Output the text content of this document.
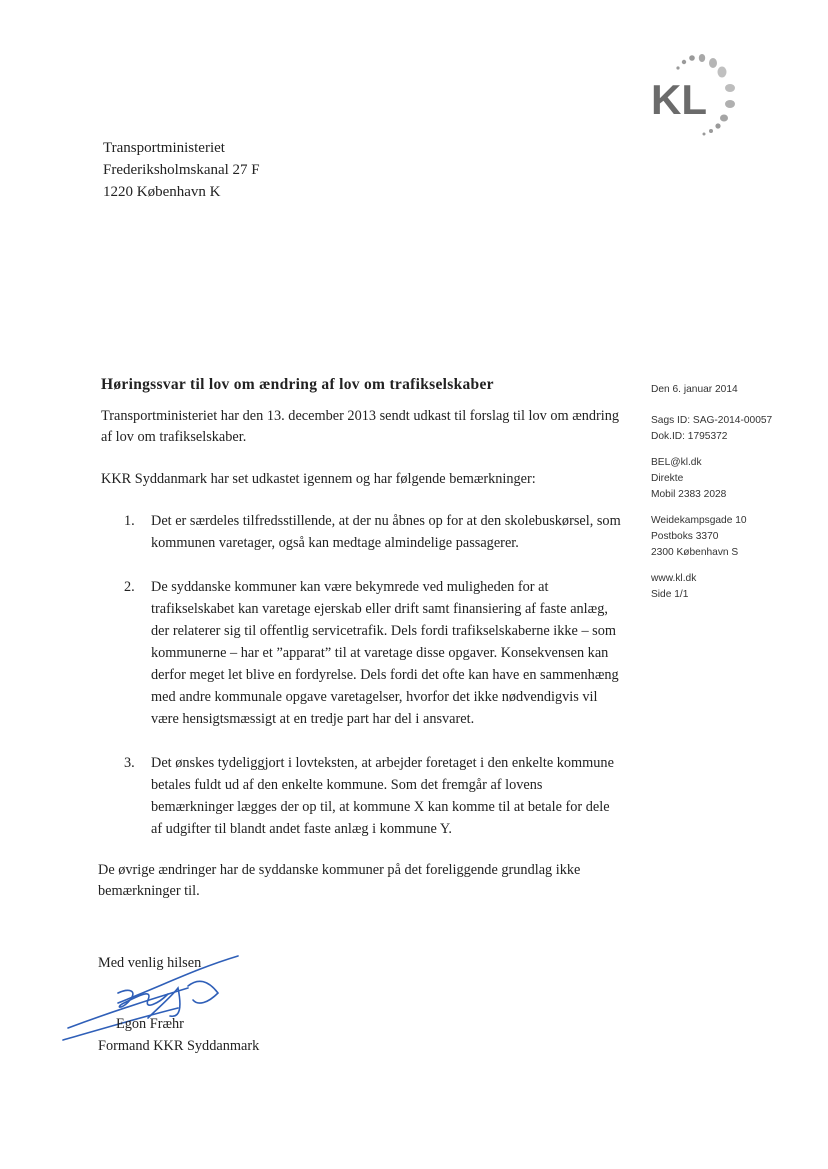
KL
Transportministeriet
Frederiksholmskanal 27 F
1220 København K
Den 6. januar 2014
Sags ID: SAG-2014-00057
Dok.ID: 1795372
BEL@kl.dk
Direkte
Mobil 2383 2028
Weidekampsgade 10
Postboks 3370
2300 København S
www.kl.dk
Side 1/1
Høringssvar til lov om ændring af lov om trafikselskaber

Transportministeriet har den 13. december 2013 sendt udkast til forslag til lov om ændring af lov om trafikselskaber.

KKR Syddanmark har set udkastet igennem og har følgende bemærkninger:

1.	Det er særdeles tilfredsstillende, at der nu åbnes op for at den skolebuskørsel, som kommunen varetager, også kan medtage almindelige passagerer.
2.	De syddanske kommuner kan være bekymrede ved muligheden for at trafikselskabet kan varetage ejerskab eller drift samt finansiering af faste anlæg, der relaterer sig til offentlig servicetrafik. Dels fordi trafikselskaberne ikke – som kommunerne – har et ”apparat” til at varetage disse opgaver. Konsekvensen kan derfor meget let blive en fordyrelse. Dels fordi det ofte kan have en sammenhæng med andre kommunale opgave varetagelser, hvorfor det ikke nødvendigvis vil være hensigtsmæssigt at en tredje part har del i ansvaret.
3.	Det ønskes tydeliggjort i lovteksten, at arbejder foretaget i den enkelte kommune betales fuldt ud af den enkelte kommune. Som det fremgår af lovens bemærkninger lægges der op til, at kommune X kan komme til at betale for dele af udgifter til blandt andet faste anlæg i kommune Y.

De øvrige ændringer har de syddanske kommuner på det foreliggende grundlag ikke bemærkninger til.

Med venlig hilsen
Egon Fræhr
Formand KKR Syddanmark
